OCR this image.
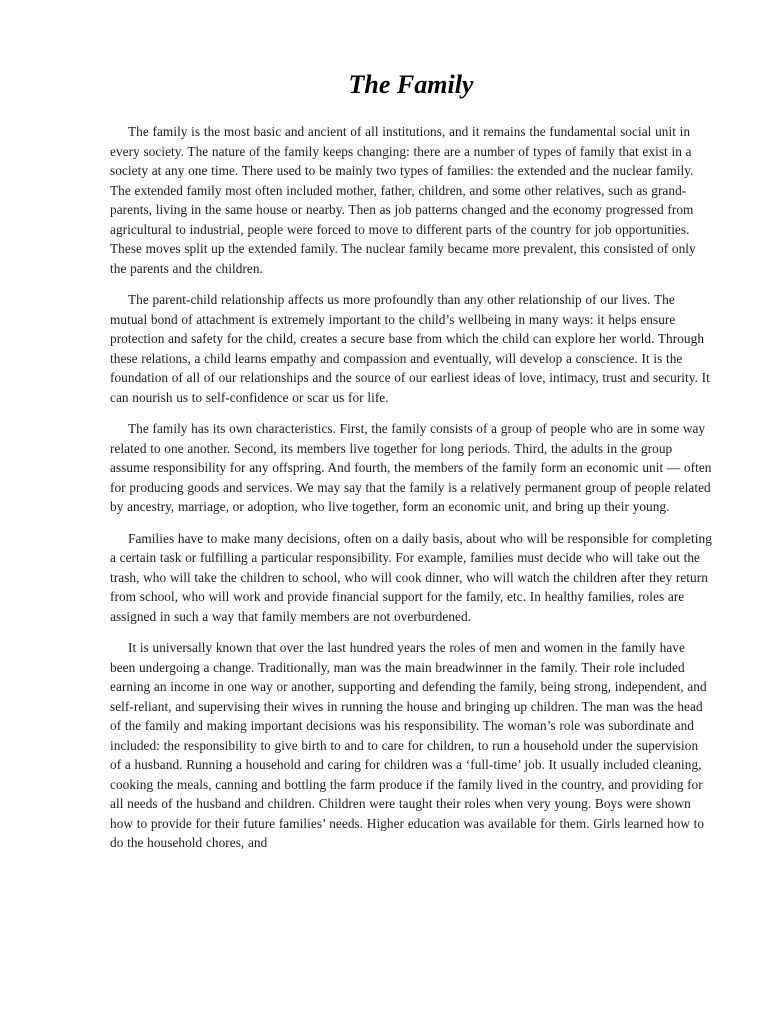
The Family

The family is the most basic and ancient of all institutions, and it remains the fundamental social unit in every society. The nature of the family keeps changing: there are a number of types of family that exist in a society at any one time. There used to be mainly two types of families: the extended and the nuclear family. The extended family most often included mother, father, children, and some other relatives, such as grand-parents, living in the same house or nearby. Then as job patterns changed and the economy progressed from agricultural to industrial, people were forced to move to different parts of the country for job opportunities. These moves split up the extended family. The nuclear family became more prevalent, this consisted of only the parents and the children.

The parent-child relationship affects us more profoundly than any other relationship of our lives. The mutual bond of attachment is extremely important to the child’s wellbeing in many ways: it helps ensure protection and safety for the child, creates a secure base from which the child can explore her world. Through these relations, a child learns empathy and compassion and eventually, will develop a conscience. It is the foundation of all of our relationships and the source of our earliest ideas of love, intimacy, trust and security. It can nourish us to self-confidence or scar us for life.

The family has its own characteristics. First, the family consists of a group of people who are in some way related to one another. Second, its members live together for long periods. Third, the adults in the group assume responsibility for any offspring. And fourth, the members of the family form an economic unit — often for producing goods and services. We may say that the family is a relatively permanent group of people related by ancestry, marriage, or adoption, who live together, form an economic unit, and bring up their young.

Families have to make many decisions, often on a daily basis, about who will be responsible for completing a certain task or fulfilling a particular responsibility. For example, families must decide who will take out the trash, who will take the children to school, who will cook dinner, who will watch the children after they return from school, who will work and provide financial support for the family, etc. In healthy families, roles are assigned in such a way that family members are not overburdened.

It is universally known that over the last hundred years the roles of men and women in the family have been undergoing a change. Traditionally, man was the main breadwinner in the family. Their role included earning an income in one way or another, supporting and defending the family, being strong, independent, and self-reliant, and supervising their wives in running the house and bringing up children. The man was the head of the family and making important decisions was his responsibility. The woman’s role was subordinate and included: the responsibility to give birth to and to care for children, to run a household under the supervision of a husband. Running a household and caring for children was a ‘full-time’ job. It usually included cleaning, cooking the meals, canning and bottling the farm produce if the family lived in the country, and providing for all needs of the husband and children. Children were taught their roles when very young. Boys were shown how to provide for their future families’ needs. Higher education was available for them. Girls learned how to do the household chores, and
